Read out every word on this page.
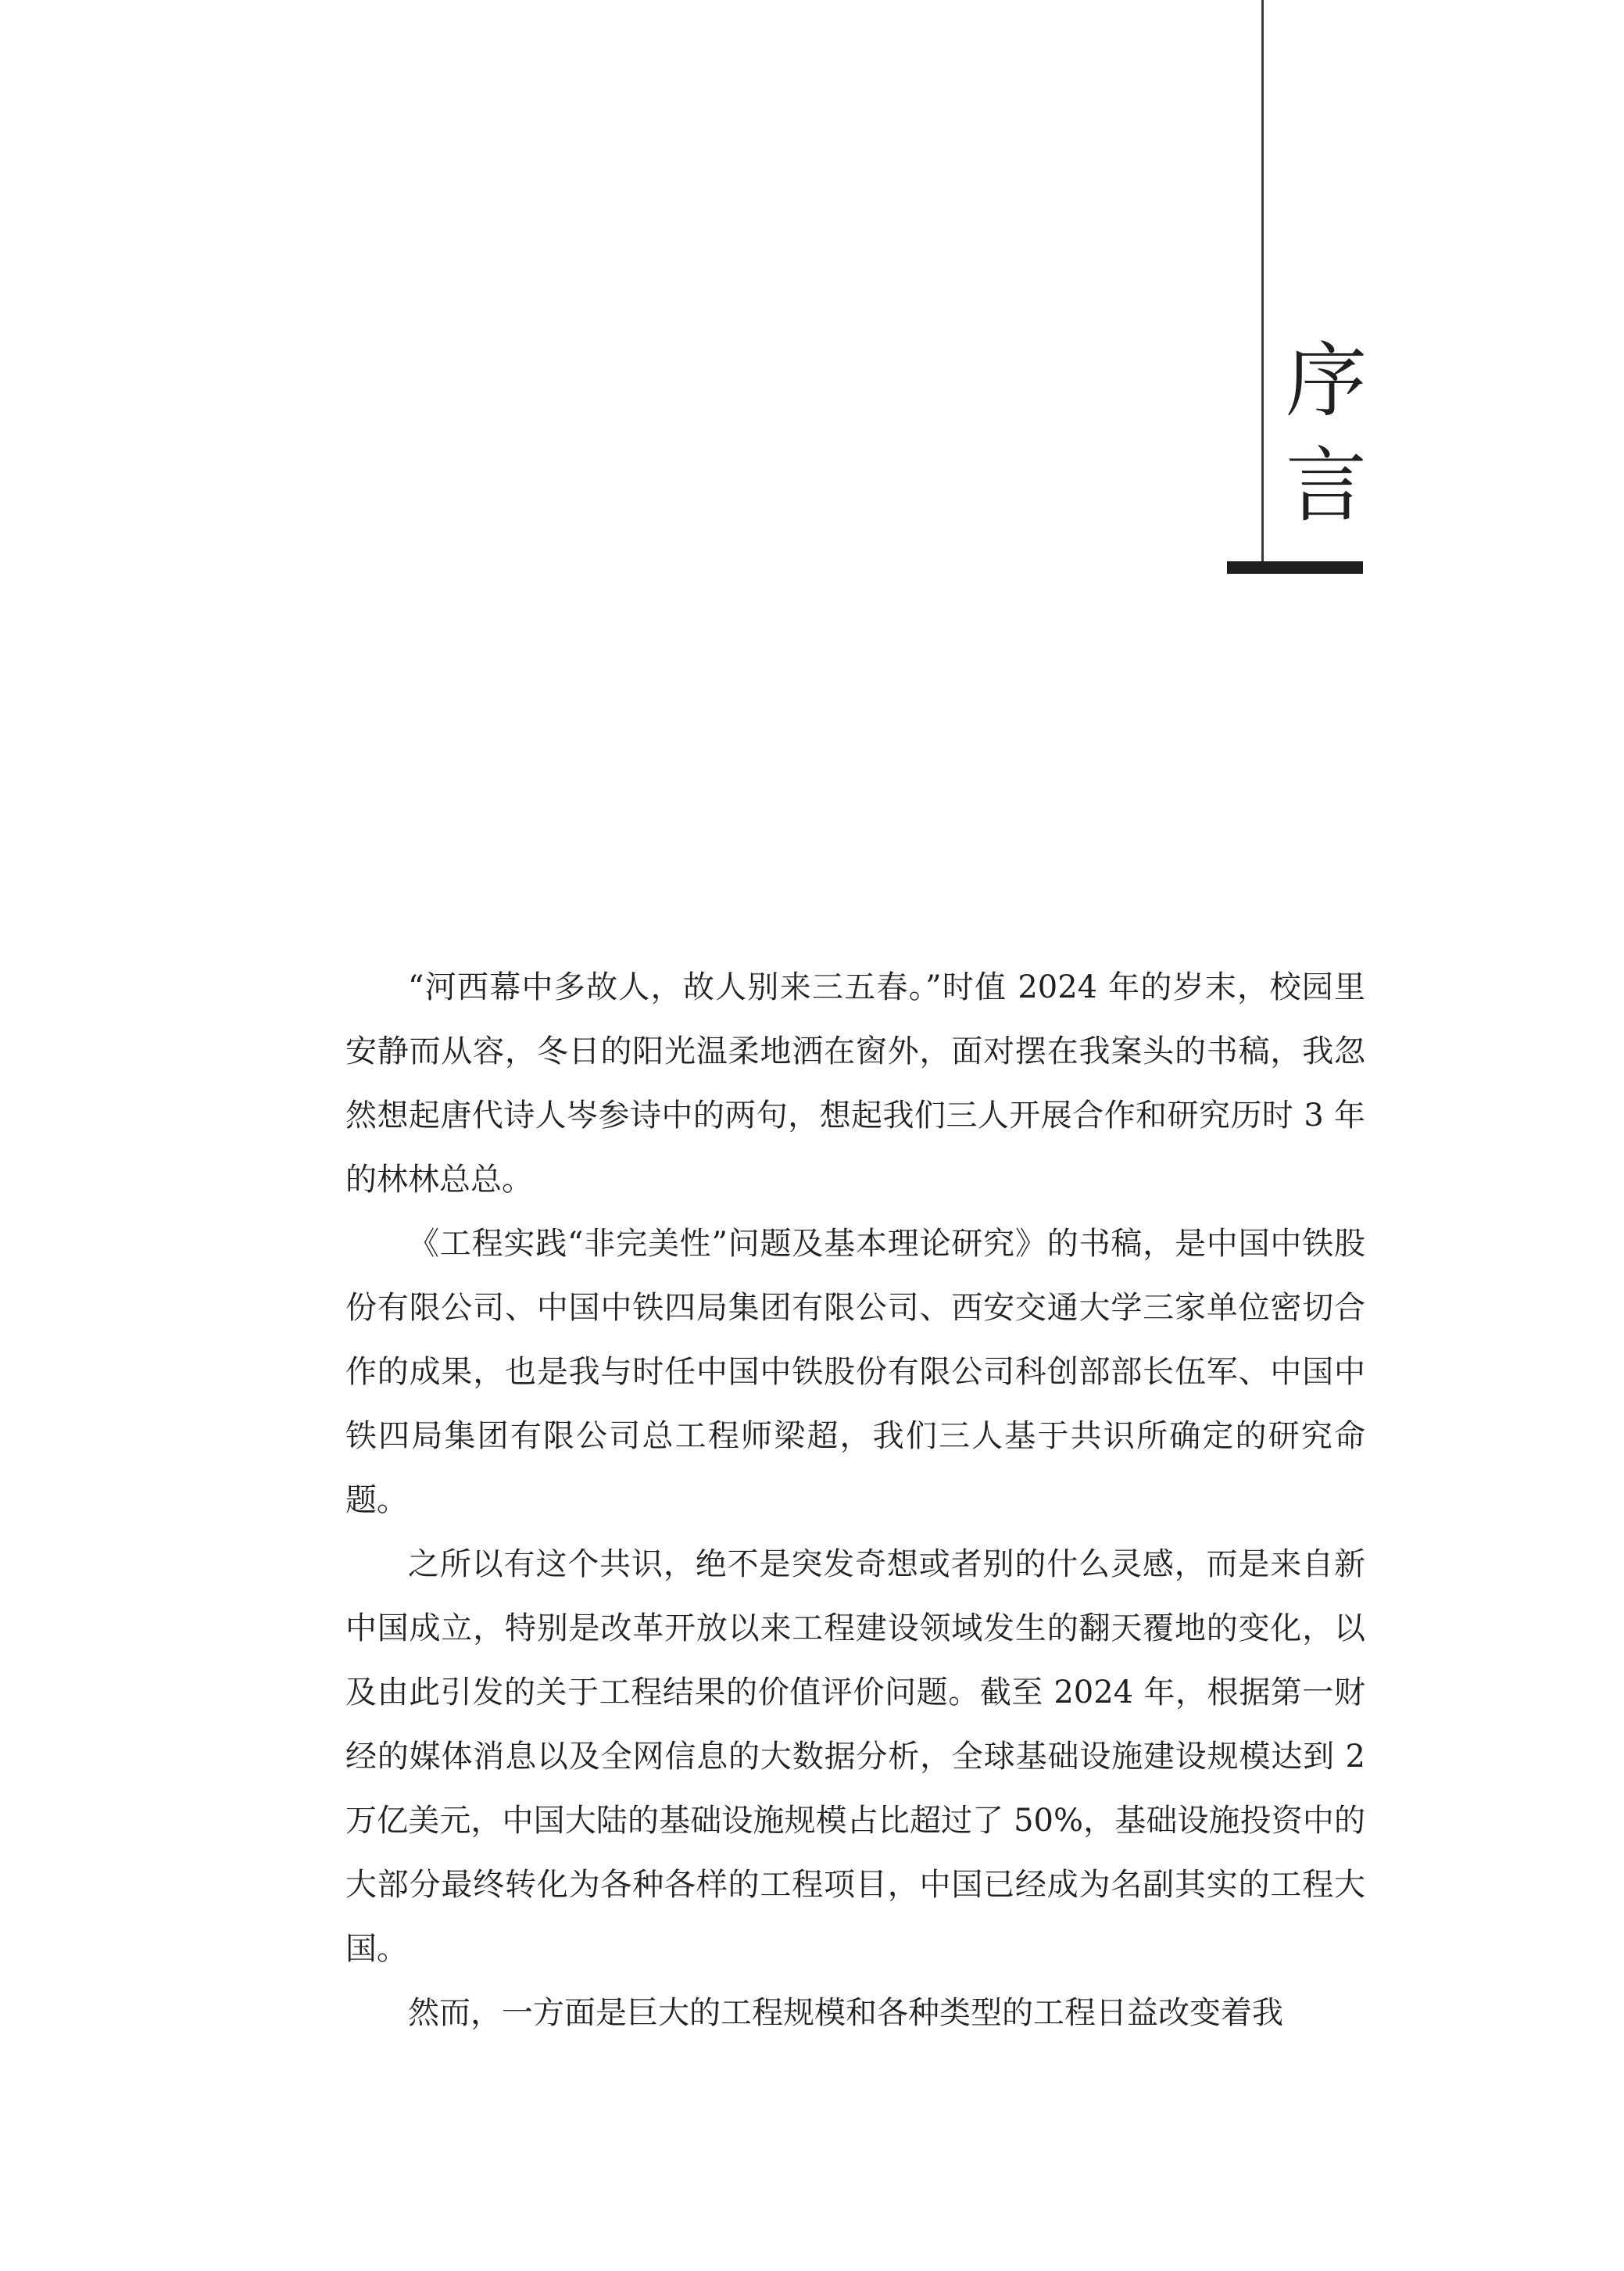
序
言

“河西幕中多故人，故人别来三五春。”时值 2024 年的岁末，校园里安静而从容，冬日的阳光温柔地洒在窗外，面对摆在我案头的书稿，我忽然想起唐代诗人岑参诗中的两句，想起我们三人开展合作和研究历时 3 年的林林总总。

《工程实践“非完美性”问题及基本理论研究》的书稿，是中国中铁股份有限公司、中国中铁四局集团有限公司、西安交通大学三家单位密切合作的成果，也是我与时任中国中铁股份有限公司科创部部长伍军、中国中铁四局集团有限公司总工程师梁超，我们三人基于共识所确定的研究命题。

之所以有这个共识，绝不是突发奇想或者别的什么灵感，而是来自新中国成立，特别是改革开放以来工程建设领域发生的翻天覆地的变化，以及由此引发的关于工程结果的价值评价问题。截至 2024 年，根据第一财经的媒体消息以及全网信息的大数据分析，全球基础设施建设规模达到 2 万亿美元，中国大陆的基础设施规模占比超过了 50%，基础设施投资中的大部分最终转化为各种各样的工程项目，中国已经成为名副其实的工程大国。

然而，一方面是巨大的工程规模和各种类型的工程日益改变着我
